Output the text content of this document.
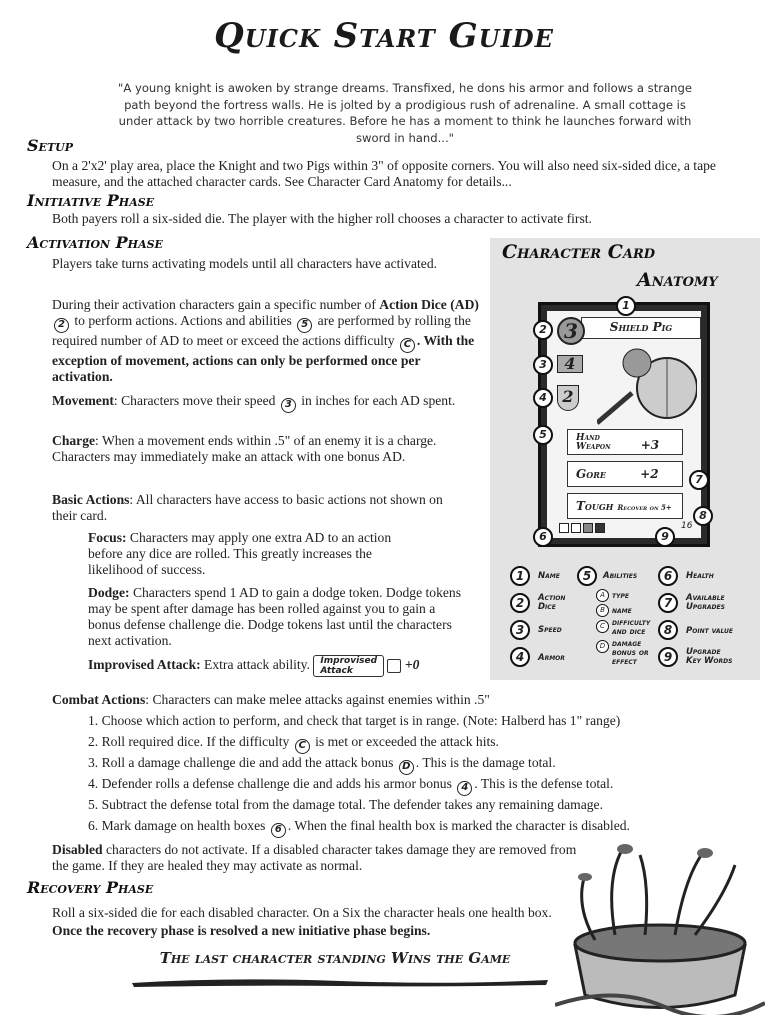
Quick Start Guide
"A young knight is awoken by strange dreams. Transfixed, he dons his armor and follows a strange path beyond the fortress walls. He is jolted by a prodigious rush of adrenaline. A small cottage is under attack by two horrible creatures. Before he has a moment to think he launches forward with sword in hand..."
Setup
On a 2'x2' play area, place the Knight and two Pigs within 3" of opposite corners. You will also need six-sided dice, a tape measure, and the attached character cards. See Character Card Anatomy for details...
Initiative Phase
Both payers roll a six-sided die. The player with the higher roll chooses a character to activate first.
Activation Phase
Players take turns activating models until all characters have activated.
During their activation characters gain a specific number of Action Dice (AD)2 to perform actions. Actions and abilities 5 are performed by rolling the required number of AD to meet or exceed the actions difficulty C . With the exception of movement, actions can only be performed once per activation.
Movement: Characters move their speed 3 in inches for each AD spent.
Charge: When a movement ends within .5" of an enemy it is a charge. Characters may immediately make an attack with one bonus AD.
Basic Actions: All characters have access to basic actions not shown on their card.
Focus: Characters may apply one extra AD to an action before any dice are rolled. This greatly increases the likelihood of success.
Dodge: Characters spend 1 AD to gain a dodge token. Dodge tokens may be spent after damage has been rolled against you to gain a bonus defense challenge die. Dodge tokens last until the characters next activation.
Improvised Attack: Extra attack ability. Improvised
Attack	+0
Combat Actions: Characters can make melee attacks against enemies within .5"
1. Choose which action to perform, and check that target is in range. (Note: Halberd has 1" range)
2. Roll required dice. If the difficulty C is met or exceeded the attack hits.
3. Roll a damage challenge die and add the attack bonus D . This is the damage total.
4. Defender rolls a defense challenge die and adds his armor bonus 4 . This is the defense total.
5. Subtract the defense total from the damage total. The defender takes any remaining damage.
6. Mark damage on health boxes 6 . When the final health box is marked the character is disabled.
Disabled characters do not activate. If a disabled character takes damage they are removed from the game. If they are healed they may activate as normal.
Recovery Phase
Roll a six-sided die for each disabled character. On a Six the character heals one health box. Once the recovery phase is resolved a new initiative phase begins.
The last character standing Wins the Game
Character Card
Anatomy
Shield Pig
3
4
2
Hand
Weapon	+3
Gore	+2
Tough Recover on 5+
16
1
2
3
4
5
6
7
8
9
1	Name
2	Action
Dice
3	Speed
4	Armor
5	Abilities
A type
B name
C difficulty
and dice
D damage
bonus or
effect
6	Health
7	Available
Upgrades
8	Point value
9	Upgrade
Key Words
